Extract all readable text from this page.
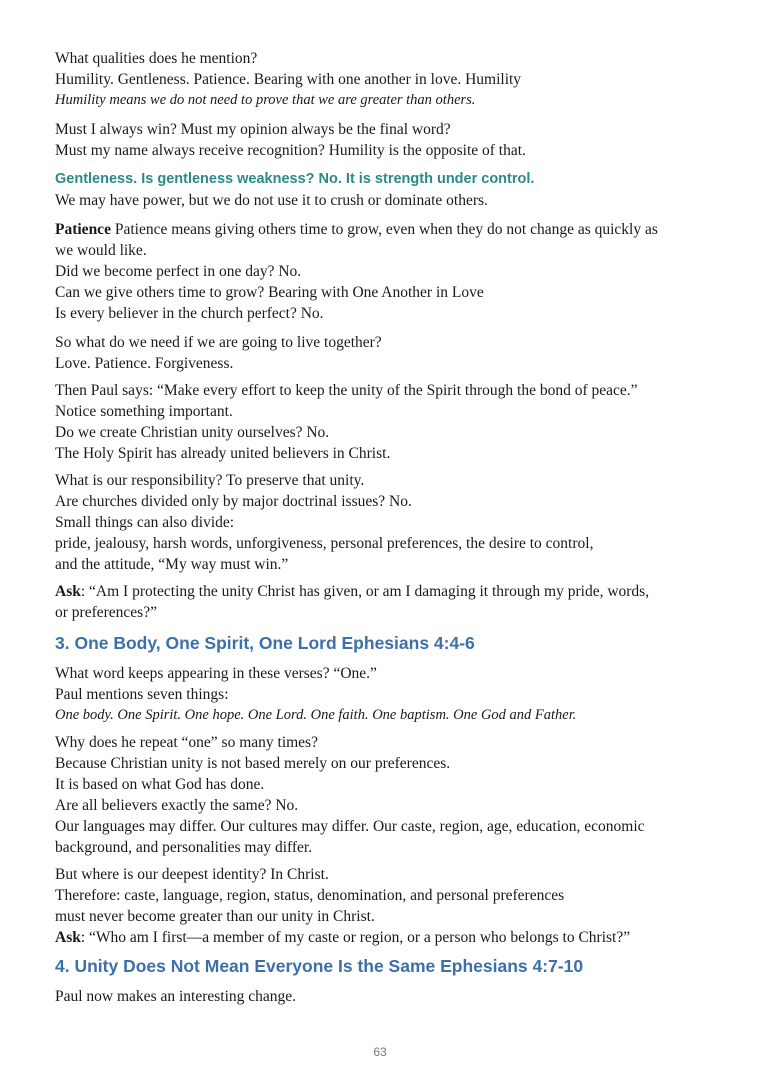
What qualities does he mention?
Humility. Gentleness. Patience. Bearing with one another in love. Humility
Humility means we do not need to prove that we are greater than others.
Must I always win? Must my opinion always be the final word?
Must my name always receive recognition? Humility is the opposite of that.
Gentleness. Is gentleness weakness? No. It is strength under control.
We may have power, but we do not use it to crush or dominate others.
Patience Patience means giving others time to grow, even when they do not change as quickly as
we would like.
Did we become perfect in one day? No.
Can we give others time to grow? Bearing with One Another in Love
Is every believer in the church perfect? No.
So what do we need if we are going to live together?
Love. Patience. Forgiveness.
Then Paul says: “Make every effort to keep the unity of the Spirit through the bond of peace.”
Notice something important.
Do we create Christian unity ourselves? No.
The Holy Spirit has already united believers in Christ.
What is our responsibility? To preserve that unity.
Are churches divided only by major doctrinal issues? No.
Small things can also divide:
pride, jealousy, harsh words, unforgiveness, personal preferences, the desire to control,
and the attitude, “My way must win.”
Ask: “Am I protecting the unity Christ has given, or am I damaging it through my pride, words,
or preferences?”
3. One Body, One Spirit, One Lord Ephesians 4:4-6
What word keeps appearing in these verses? “One.”
Paul mentions seven things:
One body. One Spirit. One hope. One Lord. One faith. One baptism. One God and Father.
Why does he repeat “one” so many times?
Because Christian unity is not based merely on our preferences.
It is based on what God has done.
Are all believers exactly the same? No.
Our languages may differ. Our cultures may differ. Our caste, region, age, education, economic
background, and personalities may differ.
But where is our deepest identity? In Christ.
Therefore: caste, language, region, status, denomination, and personal preferences
must never become greater than our unity in Christ.
Ask: “Who am I first—a member of my caste or region, or a person who belongs to Christ?”
4. Unity Does Not Mean Everyone Is the Same Ephesians 4:7-10
Paul now makes an interesting change.
63
